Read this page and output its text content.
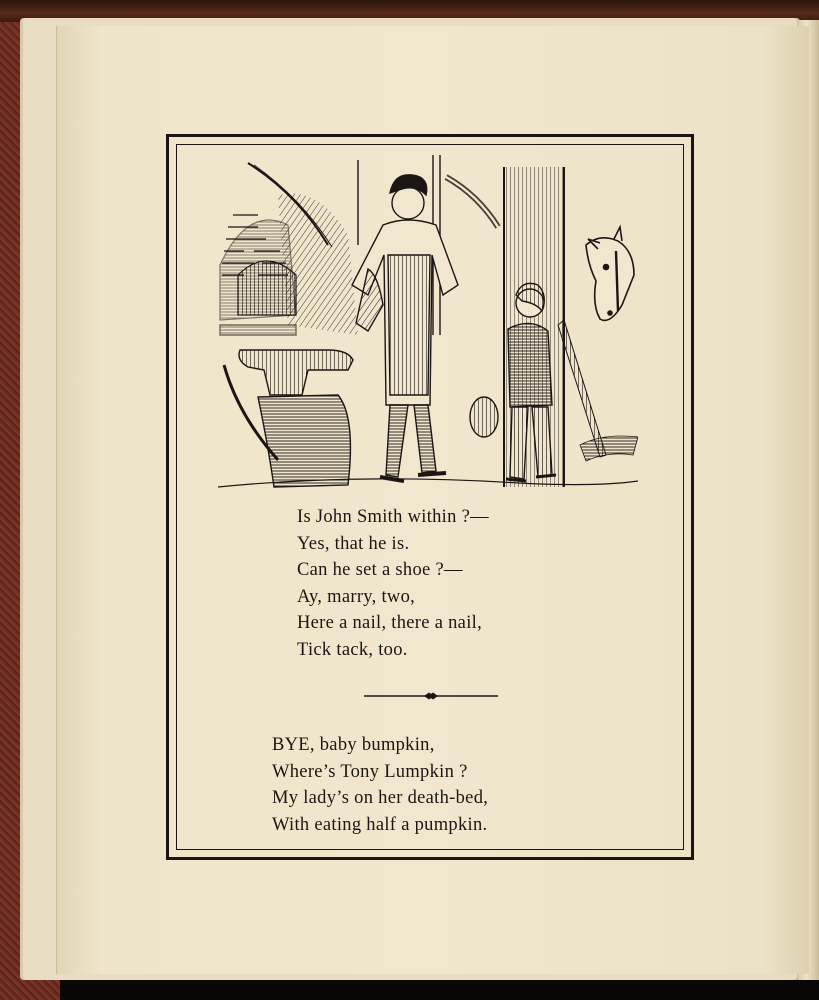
Is John Smith within ?—
Yes, that he is.
Can he set a shoe ?—
Ay, marry, two,
Here a nail, there a nail,
Tick tack, too.
BYE, baby bumpkin,
Where’s Tony Lumpkin ?
My lady’s on her death-bed,
With eating half a pumpkin.
